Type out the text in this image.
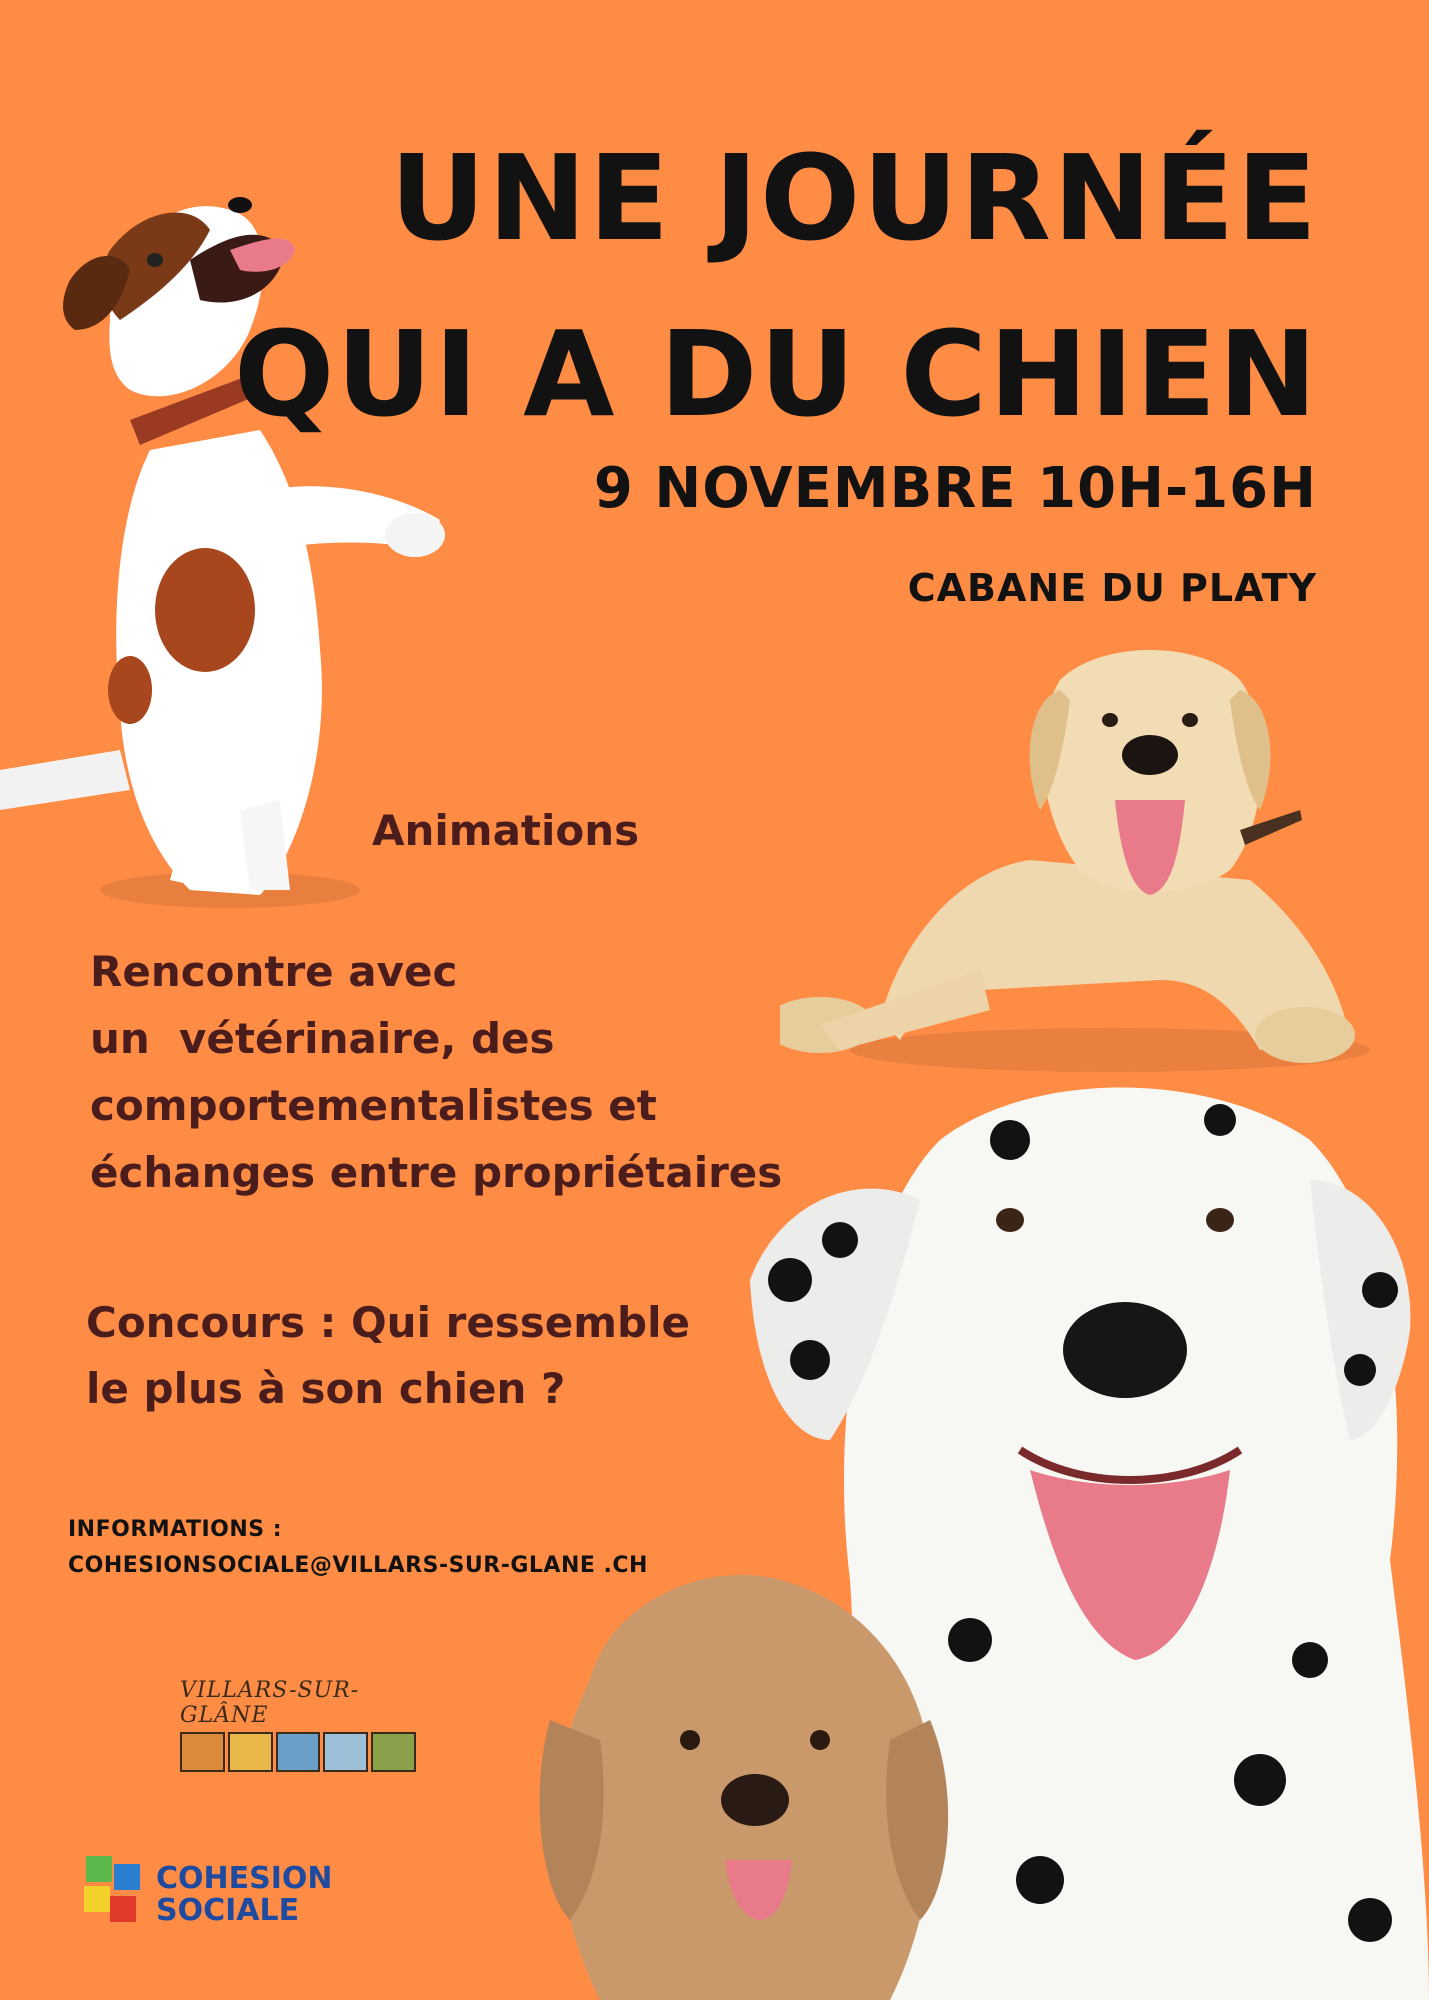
UNE JOURNÉE
QUI A DU CHIEN
9 NOVEMBRE 10H-16H
CABANE DU PLATY
Animations
Rencontre avec
un  vétérinaire, des
comportementalistes et
échanges entre propriétaires
Concours : Qui ressemble
le plus à son chien ?
INFORMATIONS :
COHESIONSOCIALE@VILLARS-SUR-GLANE .CH
VILLARS-SUR-GLÂNE
COHESION
SOCIALE
